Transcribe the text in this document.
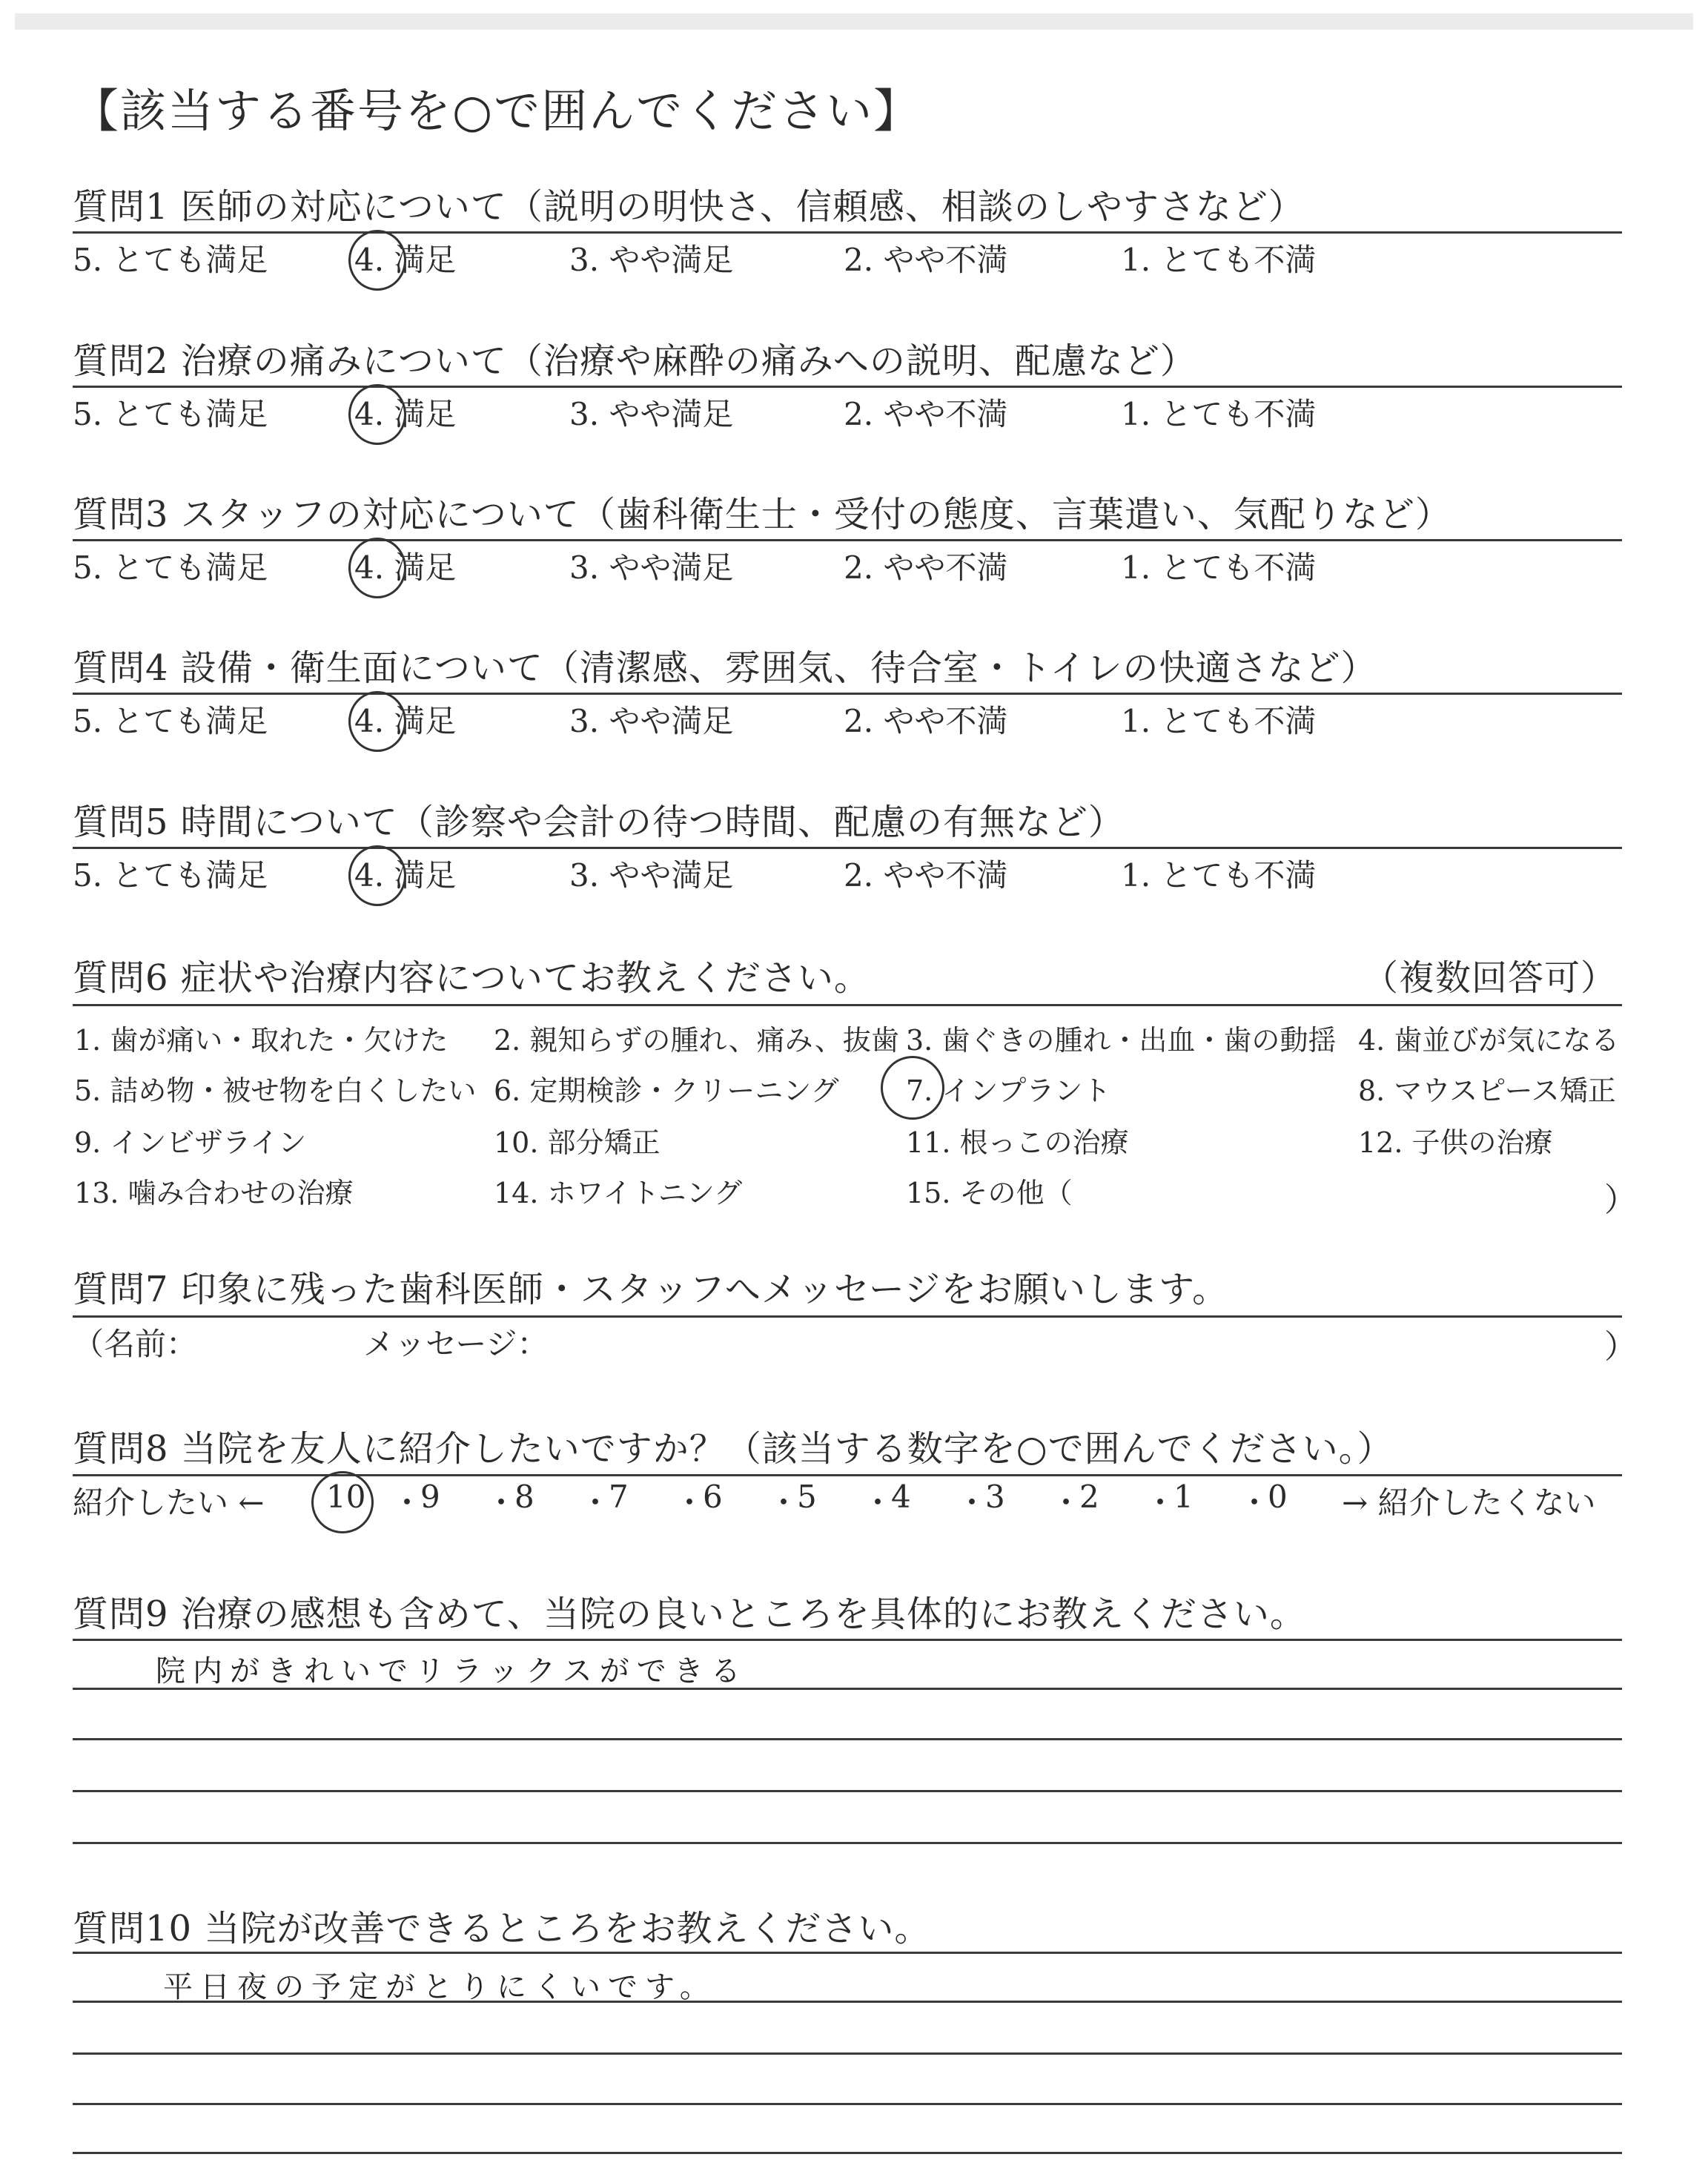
【該当する番号を○で囲んでください】
質問1 医師の対応について（説明の明快さ、信頼感、相談のしやすさなど）
5. とても満足	4. 満足	3. やや満足	2. やや不満	1. とても不満
質問2 治療の痛みについて（治療や麻酔の痛みへの説明、配慮など）
5. とても満足	4. 満足	3. やや満足	2. やや不満	1. とても不満
質問3 スタッフの対応について（歯科衛生士・受付の態度、言葉遣い、気配りなど）
5. とても満足	4. 満足	3. やや満足	2. やや不満	1. とても不満
質問4 設備・衛生面について（清潔感、雰囲気、待合室・トイレの快適さなど）
5. とても満足	4. 満足	3. やや満足	2. やや不満	1. とても不満
質問5 時間について（診察や会計の待つ時間、配慮の有無など）
5. とても満足	4. 満足	3. やや満足	2. やや不満	1. とても不満
質問6 症状や治療内容についてお教えください。	（複数回答可）
1. 歯が痛い・取れた・欠けた 2. 親知らずの腫れ、痛み、抜歯 3. 歯ぐきの腫れ・出血・歯の動揺 4. 歯並びが気になる
5. 詰め物・被せ物を白くしたい 6. 定期検診・クリーニング 7. インプラント	8. マウスピース矯正
9. インビザライン	10. 部分矯正	11. 根っこの治療	12. 子供の治療
13. 噛み合わせの治療	14. ホワイトニング	15. その他（	）
質問7 印象に残った歯科医師・スタッフへメッセージをお願いします。
（名前：	メッセージ：	）
質問8 当院を友人に紹介したいですか？（該当する数字を○で囲んでください。）
紹介したい ← 10 ・
9 ・
8 ・
7 ・
6 ・
5 ・
4 ・
3 ・
2 ・
1 ・
0 → 紹介したくない
質問9 治療の感想も含めて、当院の良いところを具体的にお教えください。
院内がきれいでリラックスができる
質問10 当院が改善できるところをお教えください。
平日夜の予定がとりにくいです。
